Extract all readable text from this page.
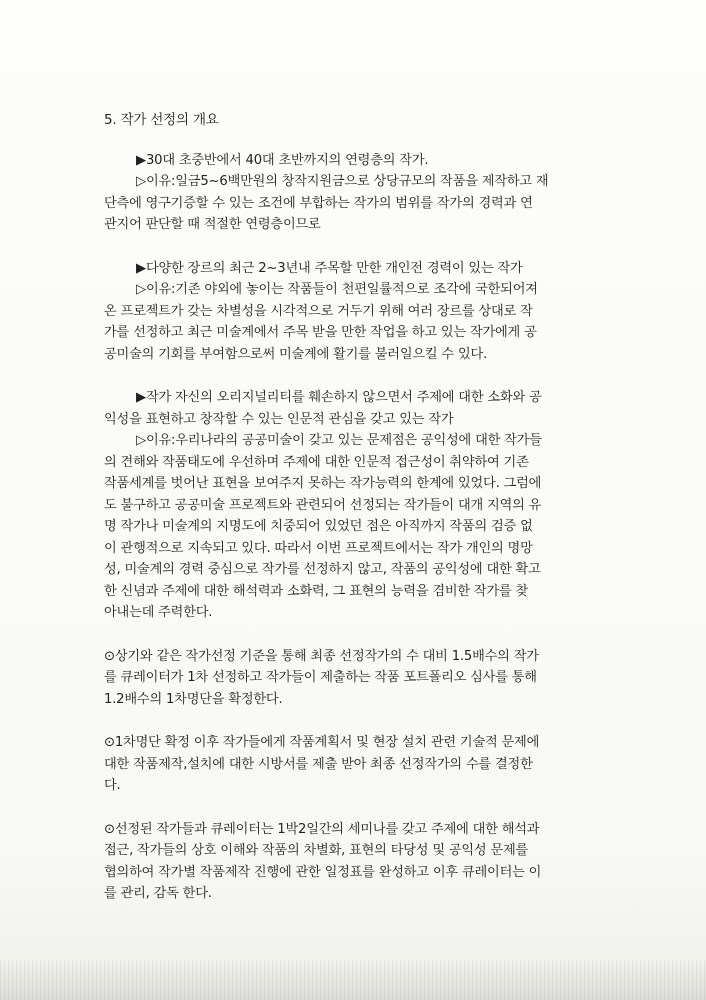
5. 작가 선정의 개요
▶30대 초중반에서 40대 초반까지의 연령층의 작가.
▷이유:일금5~6백만원의 창작지원금으로 상당규모의 작품을 제작하고 재
단측에 영구기증할 수 있는 조건에 부합하는 작가의 범위를 작가의 경력과 연
관지어 판단할 때 적절한 연령층이므로
▶다양한 장르의 최근 2~3년내 주목할 만한 개인전 경력이 있는 작가
▷이유:기존 야외에 놓이는 작품들이 천편일률적으로 조각에 국한되어져
온 프로젝트가 갖는 차별성을 시각적으로 거두기 위해 여러 장르를 상대로 작
가를 선정하고 최근 미술계에서 주목 받을 만한 작업을 하고 있는 작가에게 공
공미술의 기회를 부여함으로써 미술계에 활기를 불러일으킬 수 있다.
▶작가 자신의 오리지널리티를 훼손하지 않으면서 주제에 대한 소화와 공
익성을 표현하고 창작할 수 있는 인문적 관심을 갖고 있는 작가
▷이유:우리나라의 공공미술이 갖고 있는 문제점은 공익성에 대한 작가들
의 견해와 작품태도에 우선하며 주제에 대한 인문적 접근성이 취약하여 기존
작품세계를 벗어난 표현을 보여주지 못하는 작가능력의 한계에 있었다. 그럼에
도 불구하고 공공미술 프로젝트와 관련되어 선정되는 작가들이 대개 지역의 유
명 작가나 미술계의 지명도에 치중되어 있었던 점은 아직까지 작품의 검증 없
이 관행적으로 지속되고 있다. 따라서 이번 프로젝트에서는 작가 개인의 명망
성, 미술계의 경력 중심으로 작가를 선정하지 않고, 작품의 공익성에 대한 확고
한 신념과 주제에 대한 해석력과 소화력, 그 표현의 능력을 겸비한 작가를 찾
아내는데 주력한다.
⊙상기와 같은 작가선정 기준을 통해 최종 선정작가의 수 대비 1.5배수의 작가
를 큐레이터가 1차 선정하고 작가들이 제출하는 작품 포트폴리오 심사를 통해
1.2배수의 1차명단을 확정한다.
⊙1차명단 확정 이후 작가들에게 작품계획서 및 현장 설치 관련 기술적 문제에
대한 작품제작,설치에 대한 시방서를 제출 받아 최종 선정작가의 수를 결정한
다.
⊙선정된 작가들과 큐레이터는 1박2일간의 세미나를 갖고 주제에 대한 해석과
접근, 작가들의 상호 이해와 작품의 차별화, 표현의 타당성 및 공익성 문제를
협의하여 작가별 작품제작 진행에 관한 일정표를 완성하고 이후 큐레이터는 이
를 관리, 감독 한다.
